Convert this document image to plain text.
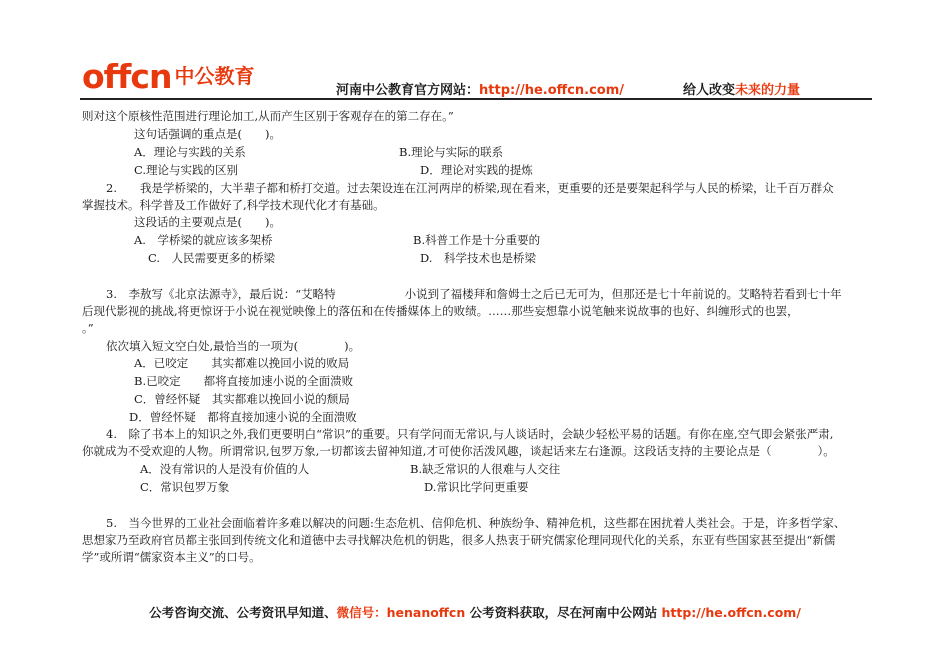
offcn 中公教育
河南中公教育官方网站：http://he.offcn.com/	给人改变未来的力量
则对这个原核性范围进行理论加工,从而产生区别于客观存在的第二存在。”
这句话强调的重点是(　　)。
A．理论与实践的关系	B.理论与实际的联系
C.理论与实践的区别	D．理论对实践的提炼
2.　　我是学桥梁的，大半辈子都和桥打交道。过去架设连在江河两岸的桥梁,现在看来，更重要的还是要架起科学与人民的桥梁，让千百万群众
掌握技术。科学普及工作做好了,科学技术现代化才有基础。
这段话的主要观点是(　　)。
A.　学桥梁的就应该多架桥	B.科普工作是十分重要的
C.　人民需要更多的桥梁	D.　科学技术也是桥梁
3.　李敖写《北京法源寺》，最后说：“艾略特　　　　　　小说到了福楼拜和詹姆士之后已无可为，但那还是七十年前说的。艾略特若看到七十年
后现代影视的挑战,将更惊讶于小说在视觉映像上的落伍和在传播媒体上的败绩。……那些妄想靠小说笔触来说故事的也好、纠缠形式的也罢，
。”
依次填入短文空白处,最恰当的一项为(　　　　)。
A．已咬定　　其实都难以挽回小说的败局
B.已咬定　　都将直接加速小说的全面溃败
C．曾经怀疑　其实都难以挽回小说的颓局
D．曾经怀疑　都将直接加速小说的全面溃败
4.　除了书本上的知识之外,我们更要明白“常识”的重要。只有学问而无常识,与人谈话时，会缺少轻松平易的话题。有你在座,空气即会紧张严肃,
你就成为不受欢迎的人物。所谓常识,包罗万象,一切都该去留神知道,才可使你活泼风趣，谈起话来左右逢源。这段话支持的主要论点是（　　　　）。
A．没有常识的人是没有价值的人	B.缺乏常识的人很难与人交往
C．常识包罗万象	D.常识比学问更重要
5.　当今世界的工业社会面临着许多难以解决的问题:生态危机、信仰危机、种族纷争、精神危机，这些都在困扰着人类社会。于是，许多哲学家、
思想家乃至政府官员都主张回到传统文化和道德中去寻找解决危机的钥匙，很多人热衷于研究儒家伦理同现代化的关系，东亚有些国家甚至提出“新儒
学”或所谓“儒家资本主义”的口号。
公考咨询交流、公考资讯早知道、微信号：henanoffcn 公考资料获取，尽在河南中公网站 http://he.offcn.com/
